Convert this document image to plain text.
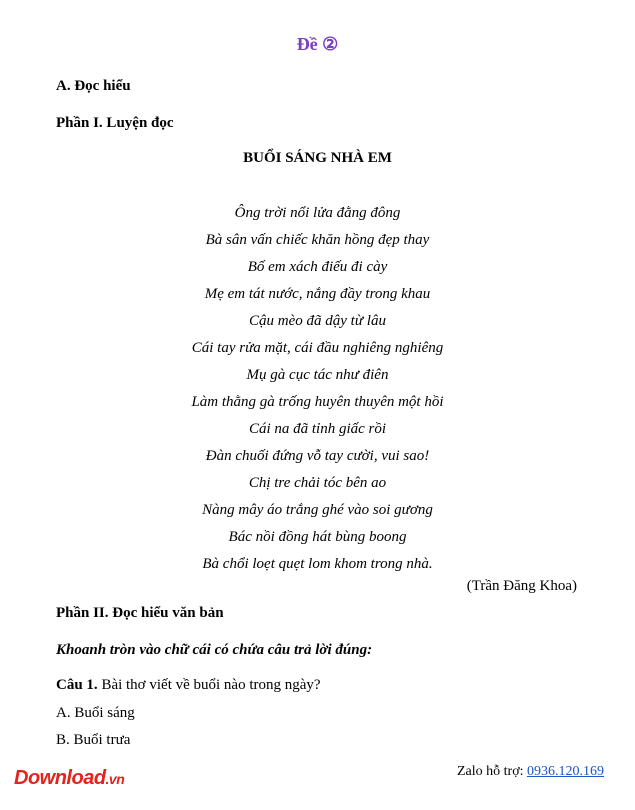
Đề ②
A. Đọc hiểu
Phần I. Luyện đọc
BUỔI SÁNG NHÀ EM
Ông trời nổi lửa đằng đông
Bà sân vấn chiếc khăn hồng đẹp thay
Bố em xách điếu đi cày
Mẹ em tát nước, nắng đầy trong khau
Cậu mèo đã dậy từ lâu
Cái tay rửa mặt, cái đầu nghiêng nghiêng
Mụ gà cục tác như điên
Làm thằng gà trống huyên thuyên một hồi
Cái na đã tỉnh giấc rồi
Đàn chuối đứng vỗ tay cười, vui sao!
Chị tre chải tóc bên ao
Nàng mây áo trắng ghé vào soi gương
Bác nồi đồng hát bùng boong
Bà chổi loẹt quẹt lom khom trong nhà.
(Trần Đăng Khoa)
Phần II. Đọc hiểu văn bản
Khoanh tròn vào chữ cái có chứa câu trả lời đúng:
Câu 1. Bài thơ viết về buổi nào trong ngày?
A. Buổi sáng
B. Buổi trưa
Download.vn	Zalo hỗ trợ: 0936.120.169
